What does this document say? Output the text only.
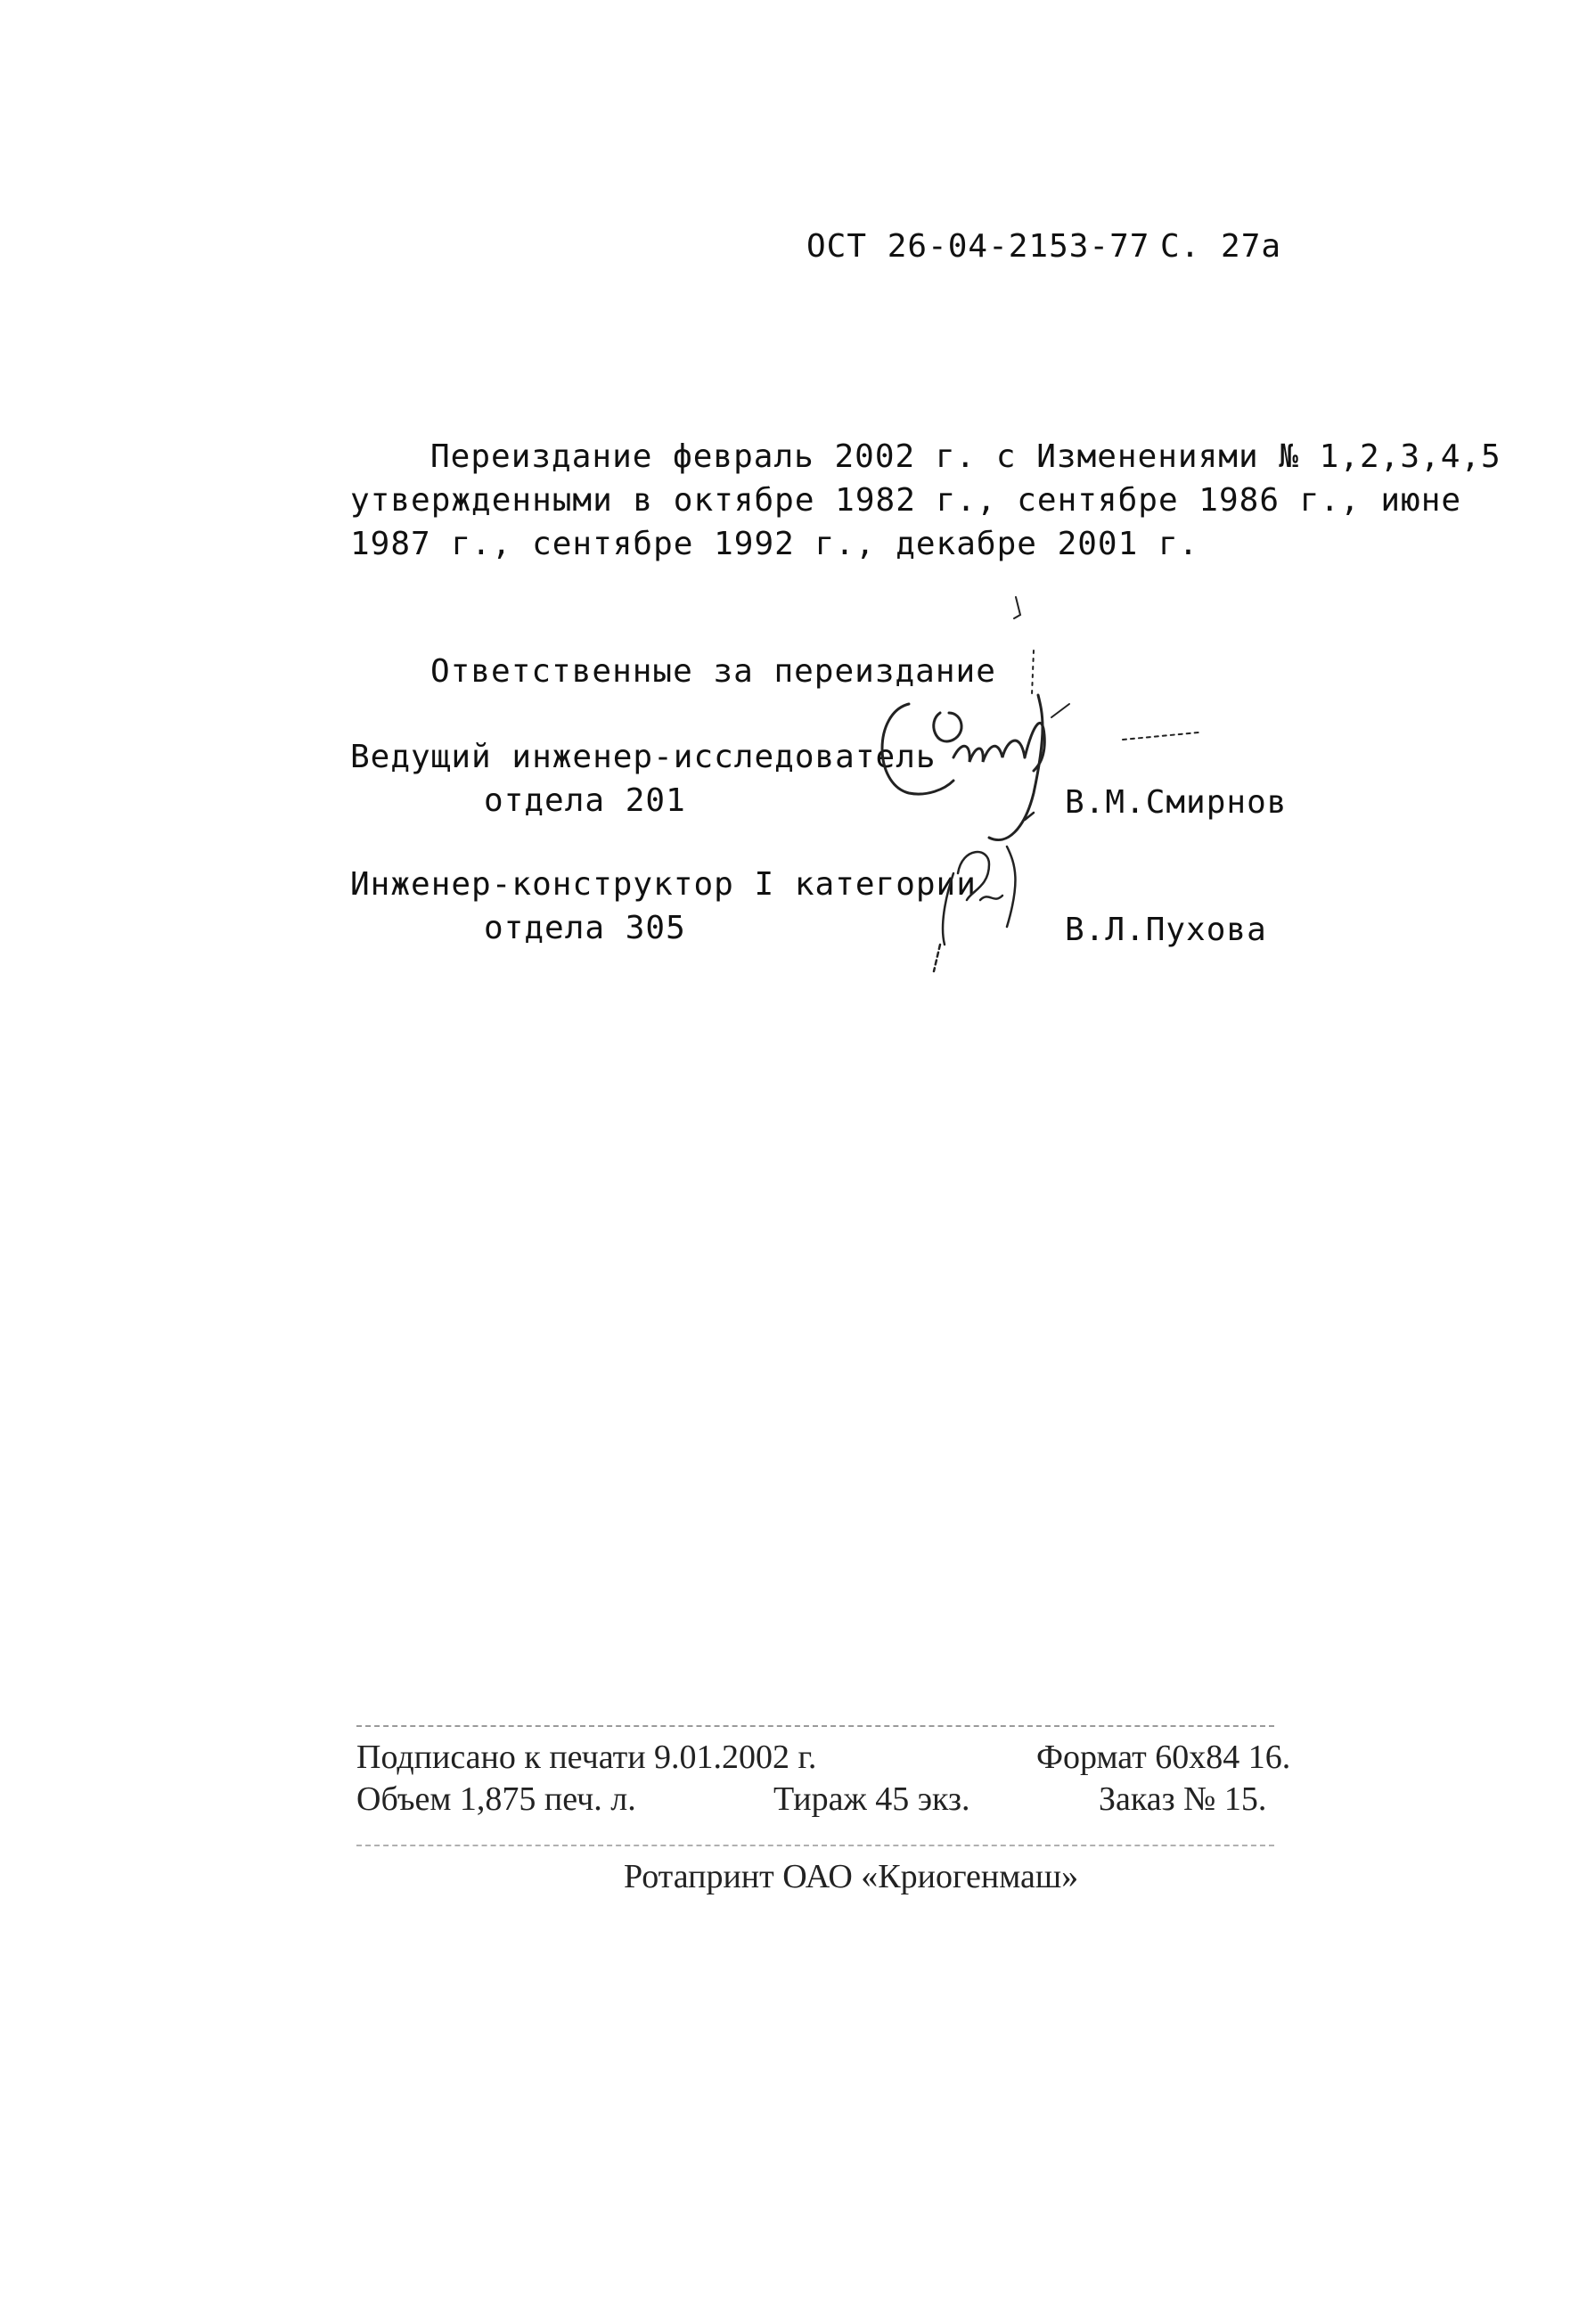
ОСТ 26-04-2153-77 С. 27а
Переиздание февраль 2002 г. с Изменениями № 1,2,3,4,5
утвержденными в октябре 1982 г., сентябре 1986 г., июне
1987 г., сентябре 1992 г., декабре 2001 г.
Ответственные за переиздание
Ведущий инженер-исследователь
отдела 201	В.М.Смирнов
Инженер-конструктор I категории
отдела 305	В.Л.Пухова
Подписано к печати 9.01.2002 г.	Формат 60х84 16.
Объем 1,875 печ. л.	Тираж 45 экз.	Заказ № 15.
Ротапринт ОАО «Криогенмаш»
